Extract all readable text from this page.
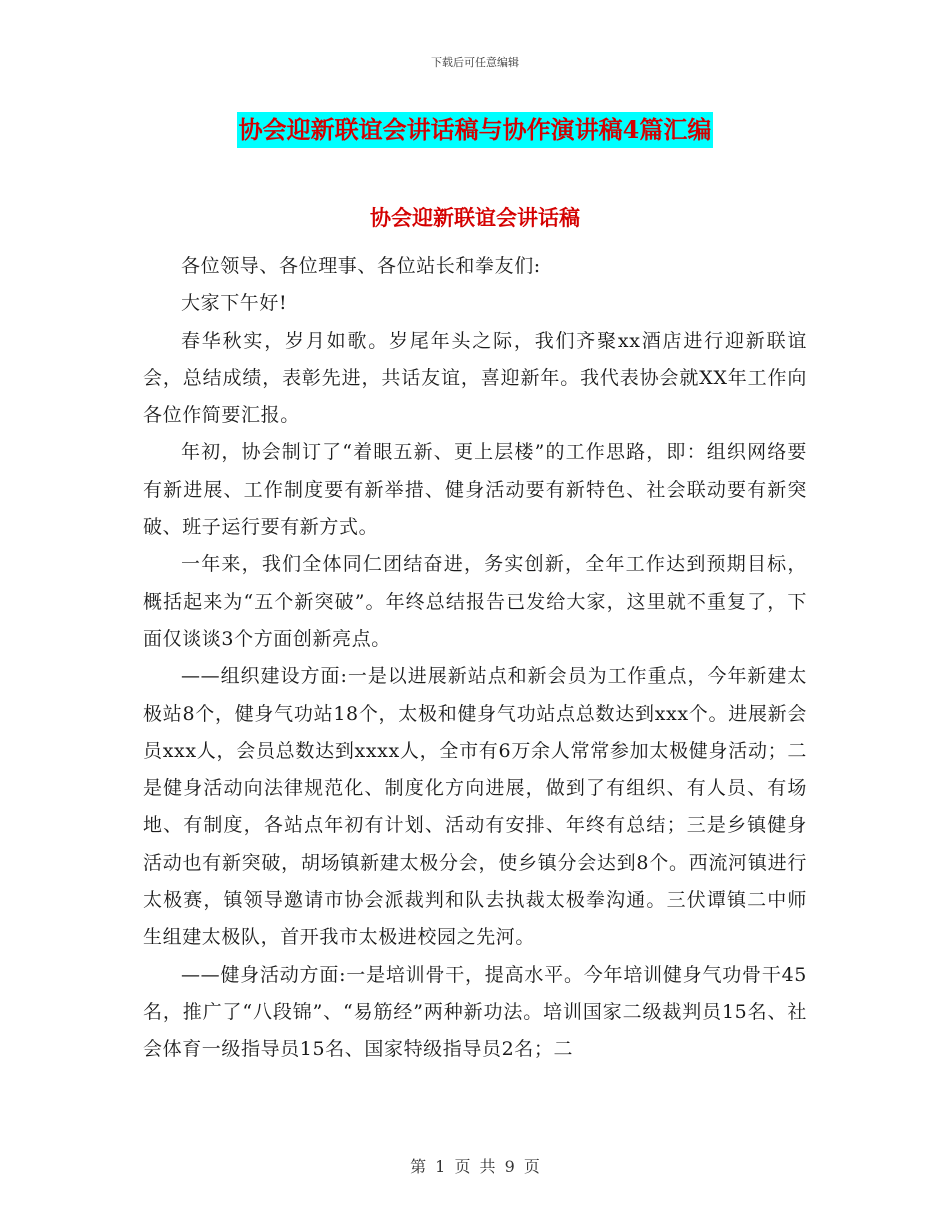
下载后可任意编辑
协会迎新联谊会讲话稿与协作演讲稿4篇汇编
协会迎新联谊会讲话稿

各位领导、各位理事、各位站长和拳友们:

大家下午好!

春华秋实，岁月如歌。岁尾年头之际，我们齐聚xx酒店进行迎新联谊会，总结成绩，表彰先进，共话友谊，喜迎新年。我代表协会就XX年工作向各位作简要汇报。

年初，协会制订了“着眼五新、更上层楼”的工作思路，即：组织网络要有新进展、工作制度要有新举措、健身活动要有新特色、社会联动要有新突破、班子运行要有新方式。

一年来，我们全体同仁团结奋进，务实创新，全年工作达到预期目标，概括起来为“五个新突破”。年终总结报告已发给大家，这里就不重复了，下面仅谈谈3个方面创新亮点。

——组织建设方面:一是以进展新站点和新会员为工作重点，今年新建太极站8个，健身气功站18个，太极和健身气功站点总数达到xxx个。进展新会员xxx人，会员总数达到xxxx人，全市有6万余人常常参加太极健身活动；二是健身活动向法律规范化、制度化方向进展，做到了有组织、有人员、有场地、有制度，各站点年初有计划、活动有安排、年终有总结；三是乡镇健身活动也有新突破，胡场镇新建太极分会，使乡镇分会达到8个。西流河镇进行太极赛，镇领导邀请市协会派裁判和队去执裁太极拳沟通。三伏谭镇二中师生组建太极队，首开我市太极进校园之先河。

——健身活动方面:一是培训骨干，提高水平。今年培训健身气功骨干45名，推广了“八段锦”、“易筋经”两种新功法。培训国家二级裁判员15名、社会体育一级指导员15名、国家特级指导员2名；二

第 1 页 共 9 页
